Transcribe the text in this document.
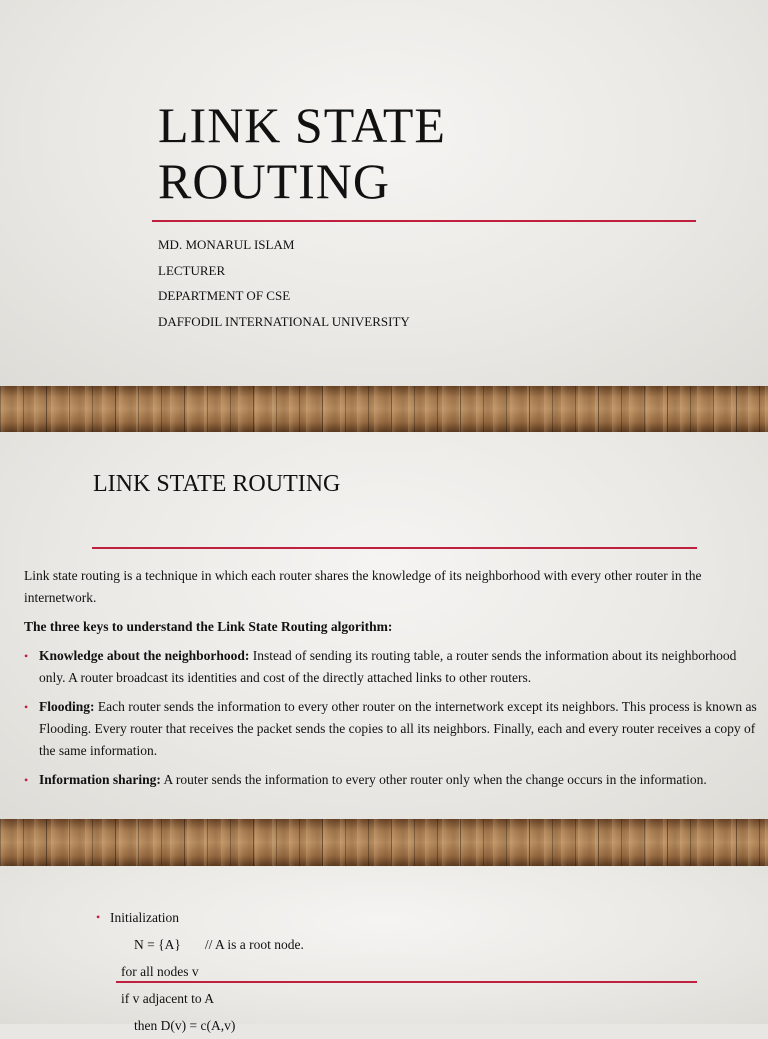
LINK STATE
ROUTING
MD. MONARUL ISLAM
LECTURER
DEPARTMENT OF CSE
DAFFODIL INTERNATIONAL UNIVERSITY
LINK STATE ROUTING

Link state routing is a technique in which each router shares the knowledge of its neighborhood with every other router in the internetwork.

The three keys to understand the Link State Routing algorithm:

• Knowledge about the neighborhood: Instead of sending its routing table, a router sends the information about its neighborhood only. A router broadcast its identities and cost of the directly attached links to other routers.
• Flooding: Each router sends the information to every other router on the internetwork except its neighbors. This process is known as Flooding. Every router that receives the packet sends the copies to all its neighbors. Finally, each and every router receives a copy of the same information.
• Information sharing: A router sends the information to every other router only when the change occurs in the information.
• Initialization
N = {A} // A is a root node.
for all nodes v
if v adjacent to A
then D(v) = c(A,v)
